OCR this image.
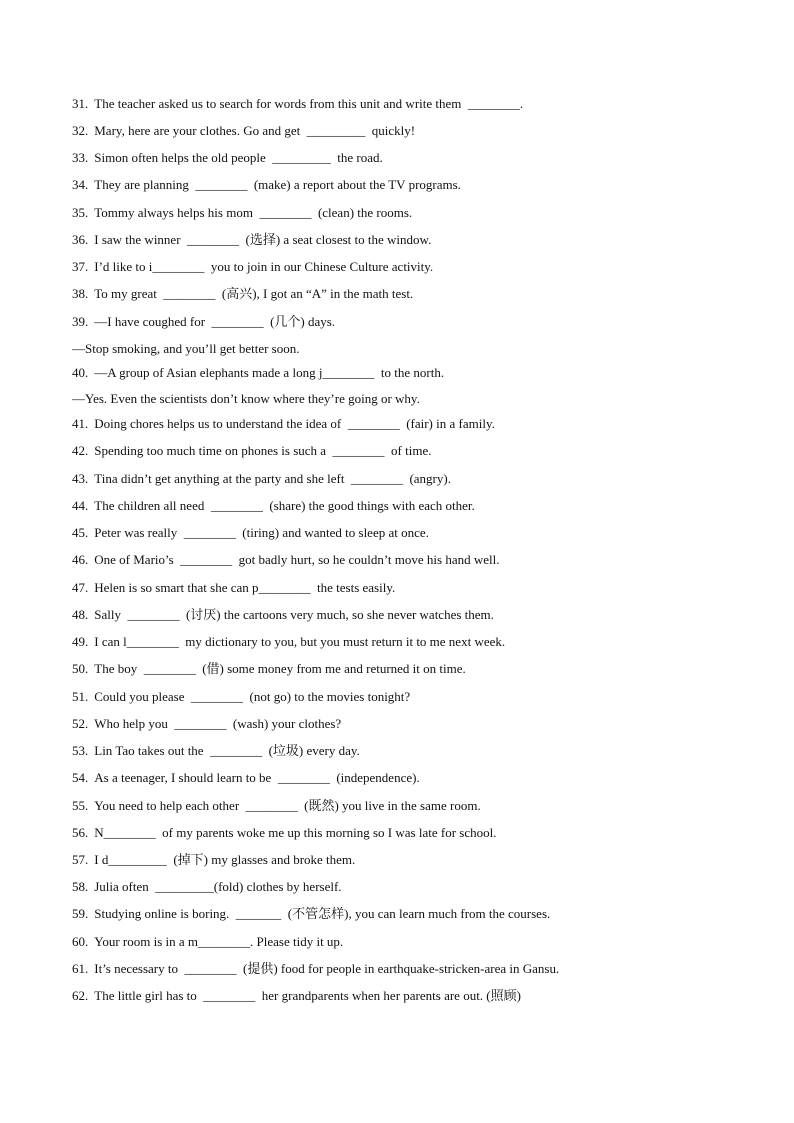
31. The teacher asked us to search for words from this unit and write them  ________.
32. Mary, here are your clothes. Go and get  _________  quickly!
33. Simon often helps the old people  _________  the road.
34. They are planning  ________  (make) a report about the TV programs.
35. Tommy always helps his mom  ________  (clean) the rooms.
36. I saw the winner  ________  (选择) a seat closest to the window.
37. I’d like to i________  you to join in our Chinese Culture activity.
38. To my great  ________  (高兴), I got an “A” in the math test.
39. —I have coughed for  ________  (几个) days.
—Stop smoking, and you’ll get better soon.
40. —A group of Asian elephants made a long j________  to the north.
—Yes. Even the scientists don’t know where they’re going or why.
41. Doing chores helps us to understand the idea of  ________  (fair) in a family.
42. Spending too much time on phones is such a  ________  of time.
43. Tina didn’t get anything at the party and she left  ________  (angry).
44. The children all need  ________  (share) the good things with each other.
45. Peter was really  ________  (tiring) and wanted to sleep at once.
46. One of Mario’s  ________  got badly hurt, so he couldn’t move his hand well.
47. Helen is so smart that she can p________  the tests easily.
48. Sally  ________  (讨厌) the cartoons very much, so she never watches them.
49. I can l________  my dictionary to you, but you must return it to me next week.
50. The boy  ________  (借) some money from me and returned it on time.
51. Could you please  ________  (not go) to the movies tonight?
52. Who help you  ________  (wash) your clothes?
53. Lin Tao takes out the  ________  (垃圾) every day.
54. As a teenager, I should learn to be  ________  (independence).
55. You need to help each other  ________  (既然) you live in the same room.
56. N________  of my parents woke me up this morning so I was late for school.
57. I d_________  (掉下) my glasses and broke them.
58. Julia often  _________(fold) clothes by herself.
59. Studying online is boring.  _______  (不管怎样), you can learn much from the courses.
60. Your room is in a m________. Please tidy it up.
61. It’s necessary to  ________  (提供) food for people in earthquake-stricken-area in Gansu.
62. The little girl has to  ________  her grandparents when her parents are out. (照顾)
